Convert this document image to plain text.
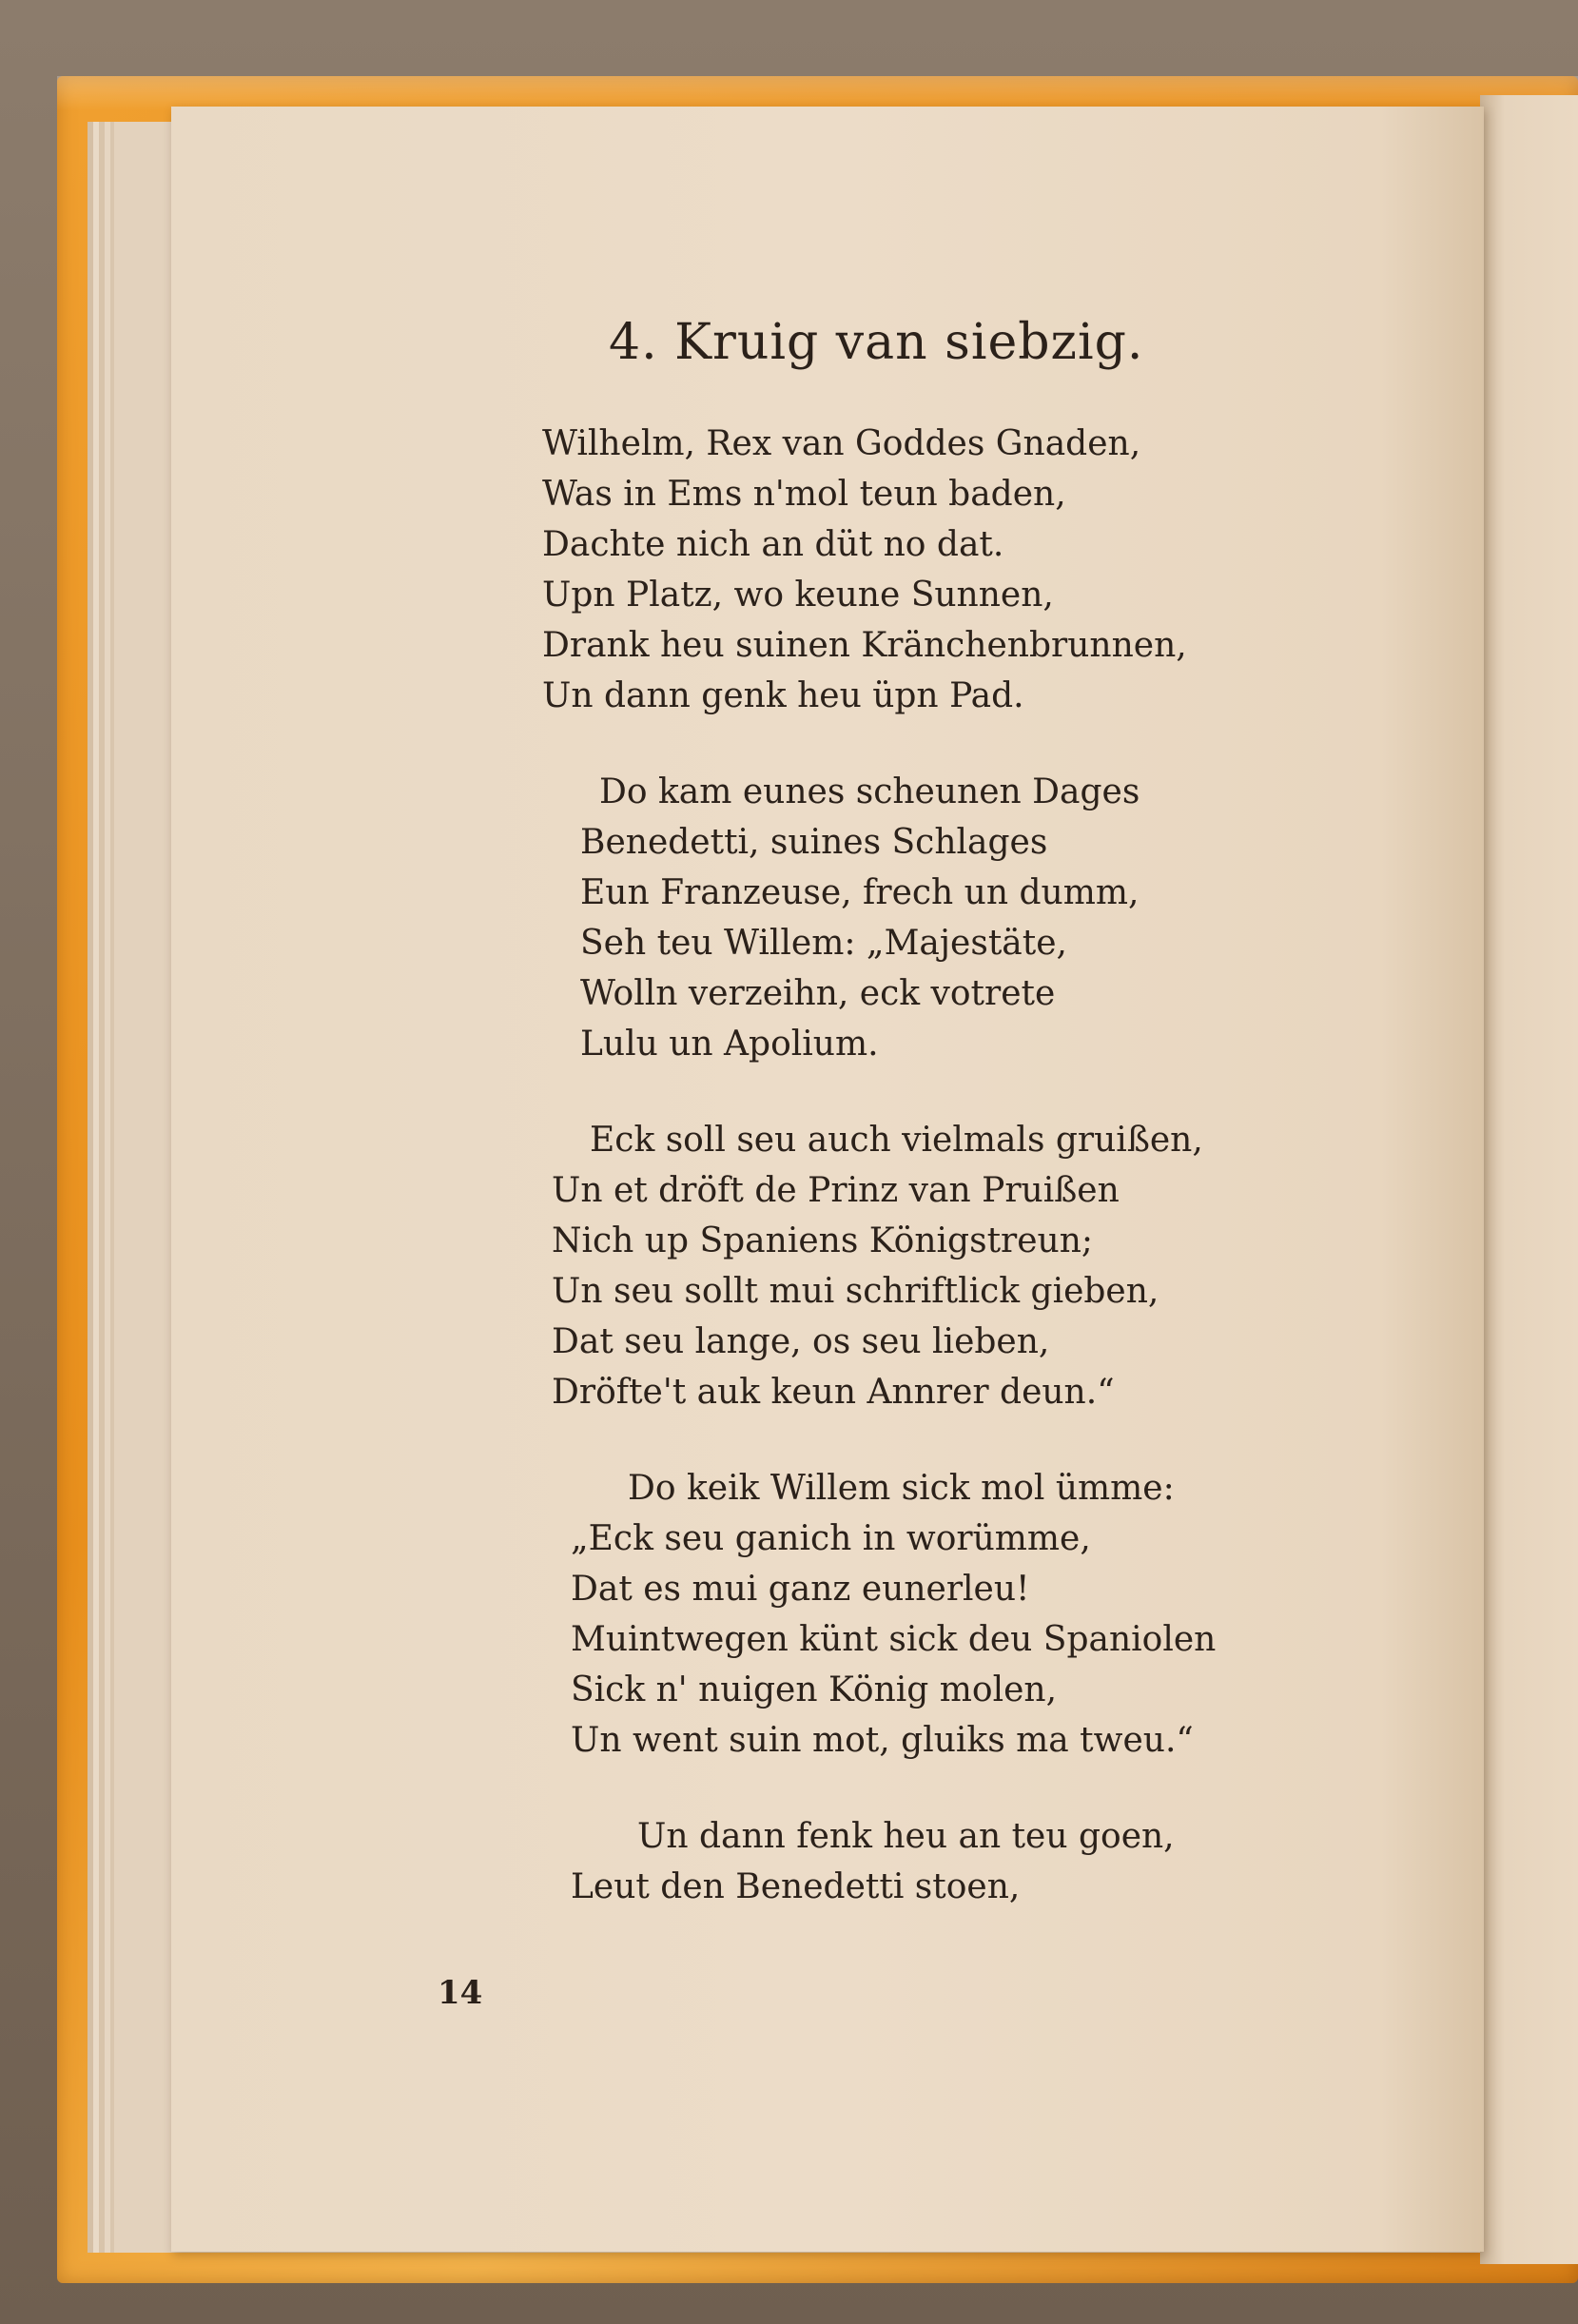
4. Kruig van siebzig.
Wilhelm, Rex van Goddes Gnaden,
Was in Ems n'mol teun baden,
Dachte nich an düt no dat.
Upn Platz, wo keune Sunnen,
Drank heu suinen Kränchenbrunnen,
Un dann genk heu üpn Pad.
Do kam eunes scheunen Dages
Benedetti, suines Schlages
Eun Franzeuse, frech un dumm,
Seh teu Willem: „Majestäte,
Wolln verzeihn, eck votrete
Lulu un Apolium.
Eck soll seu auch vielmals gruißen,
Un et dröft de Prinz van Pruißen
Nich up Spaniens Königstreun;
Un seu sollt mui schriftlick gieben,
Dat seu lange, os seu lieben,
Dröfte't auk keun Annrer deun.“
Do keik Willem sick mol ümme:
„Eck seu ganich in worümme,
Dat es mui ganz eunerleu!
Muintwegen künt sick deu Spaniolen
Sick n' nuigen König molen,
Un went suin mot, gluiks ma tweu.“
Un dann fenk heu an teu goen,
Leut den Benedetti stoen,
14
